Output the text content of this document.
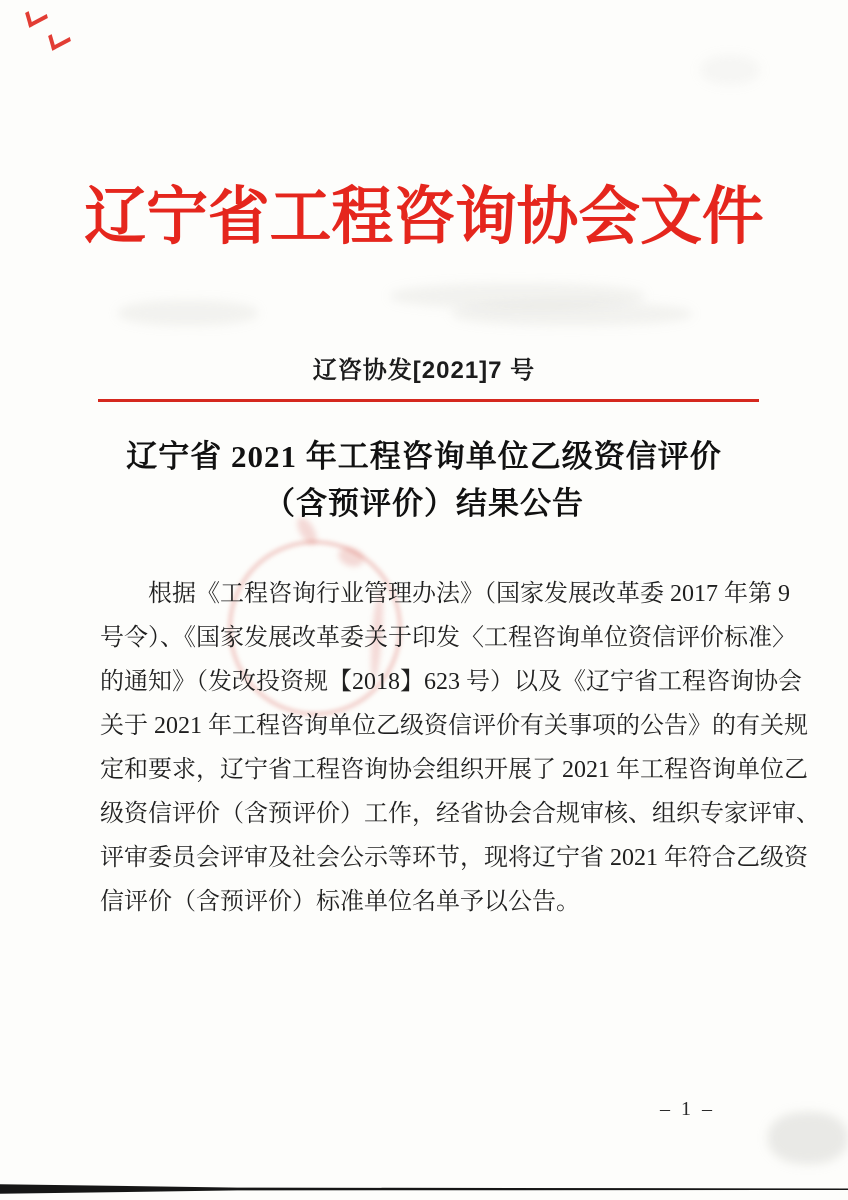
辽宁省工程咨询协会文件
辽咨协发[2021]7 号
辽宁省 2021 年工程咨询单位乙级资信评价
（含预评价）结果公告
根据《工程咨询行业管理办法》（国家发展改革委 2017 年第 9
号令）、《国家发展改革委关于印发〈工程咨询单位资信评价标准〉
的通知》（发改投资规【2018】623 号）以及《辽宁省工程咨询协会
关于 2021 年工程咨询单位乙级资信评价有关事项的公告》的有关规
定和要求，辽宁省工程咨询协会组织开展了 2021 年工程咨询单位乙
级资信评价（含预评价）工作，经省协会合规审核、组织专家评审、
评审委员会评审及社会公示等环节，现将辽宁省 2021 年符合乙级资
信评价（含预评价）标准单位名单予以公告。
– 1 –
